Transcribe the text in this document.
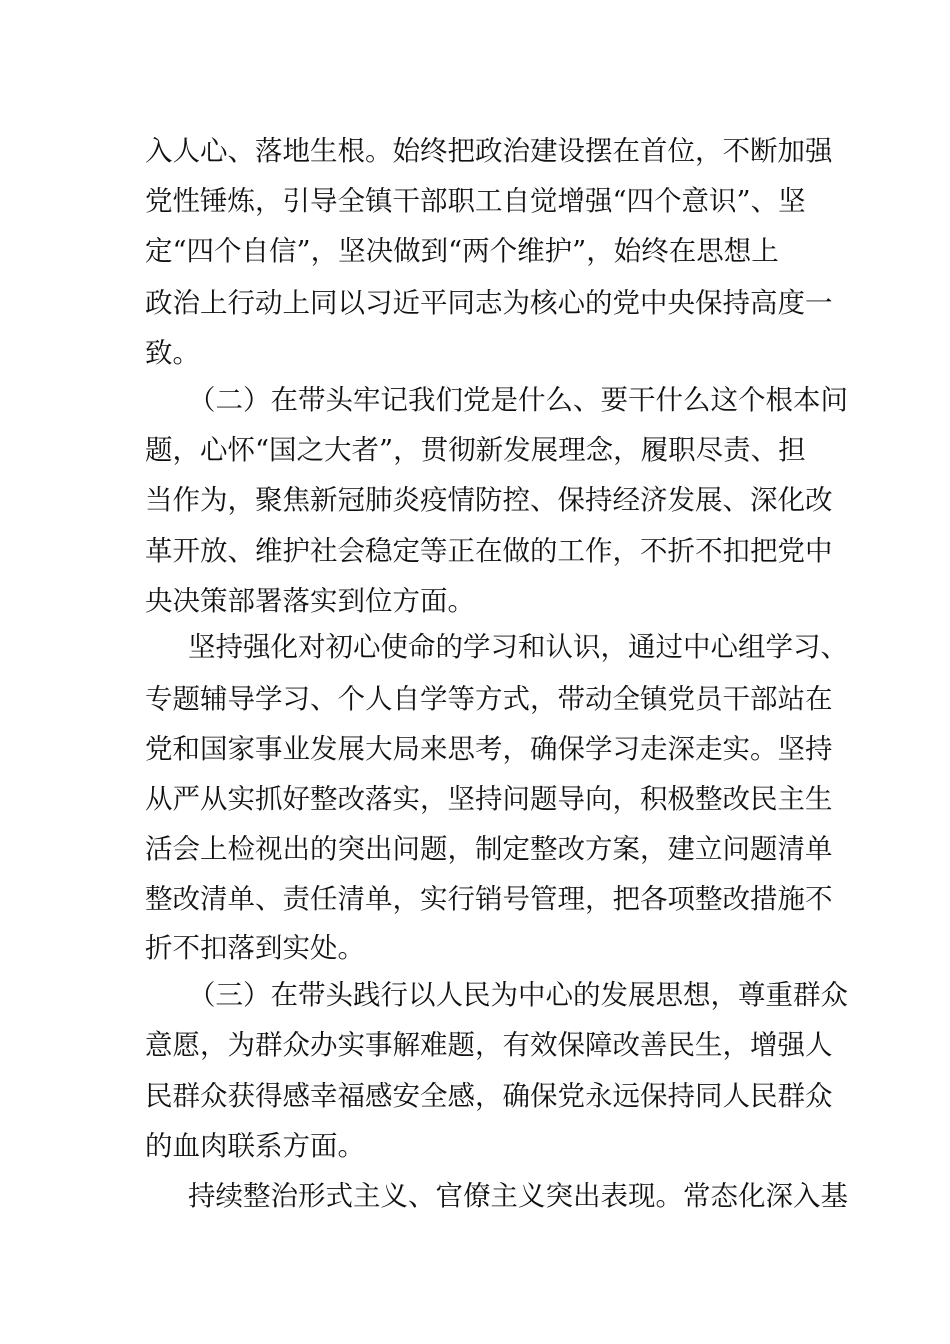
入人心、落地生根。始终把政治建设摆在首位，不断加强
党性锤炼，引导全镇干部职工自觉增强“四个意识”、坚
定“四个自信”，坚决做到“两个维护”，始终在思想上
政治上行动上同以习近平同志为核心的党中央保持高度一
致。
（二）在带头牢记我们党是什么、要干什么这个根本问
题，心怀“国之大者”，贯彻新发展理念，履职尽责、担
当作为，聚焦新冠肺炎疫情防控、保持经济发展、深化改
革开放、维护社会稳定等正在做的工作，不折不扣把党中
央决策部署落实到位方面。
坚持强化对初心使命的学习和认识，通过中心组学习、
专题辅导学习、个人自学等方式，带动全镇党员干部站在
党和国家事业发展大局来思考，确保学习走深走实。坚持
从严从实抓好整改落实，坚持问题导向，积极整改民主生
活会上检视出的突出问题，制定整改方案，建立问题清单
整改清单、责任清单，实行销号管理，把各项整改措施不
折不扣落到实处。
（三）在带头践行以人民为中心的发展思想，尊重群众
意愿，为群众办实事解难题，有效保障改善民生，增强人
民群众获得感幸福感安全感，确保党永远保持同人民群众
的血肉联系方面。
持续整治形式主义、官僚主义突出表现。常态化深入基
